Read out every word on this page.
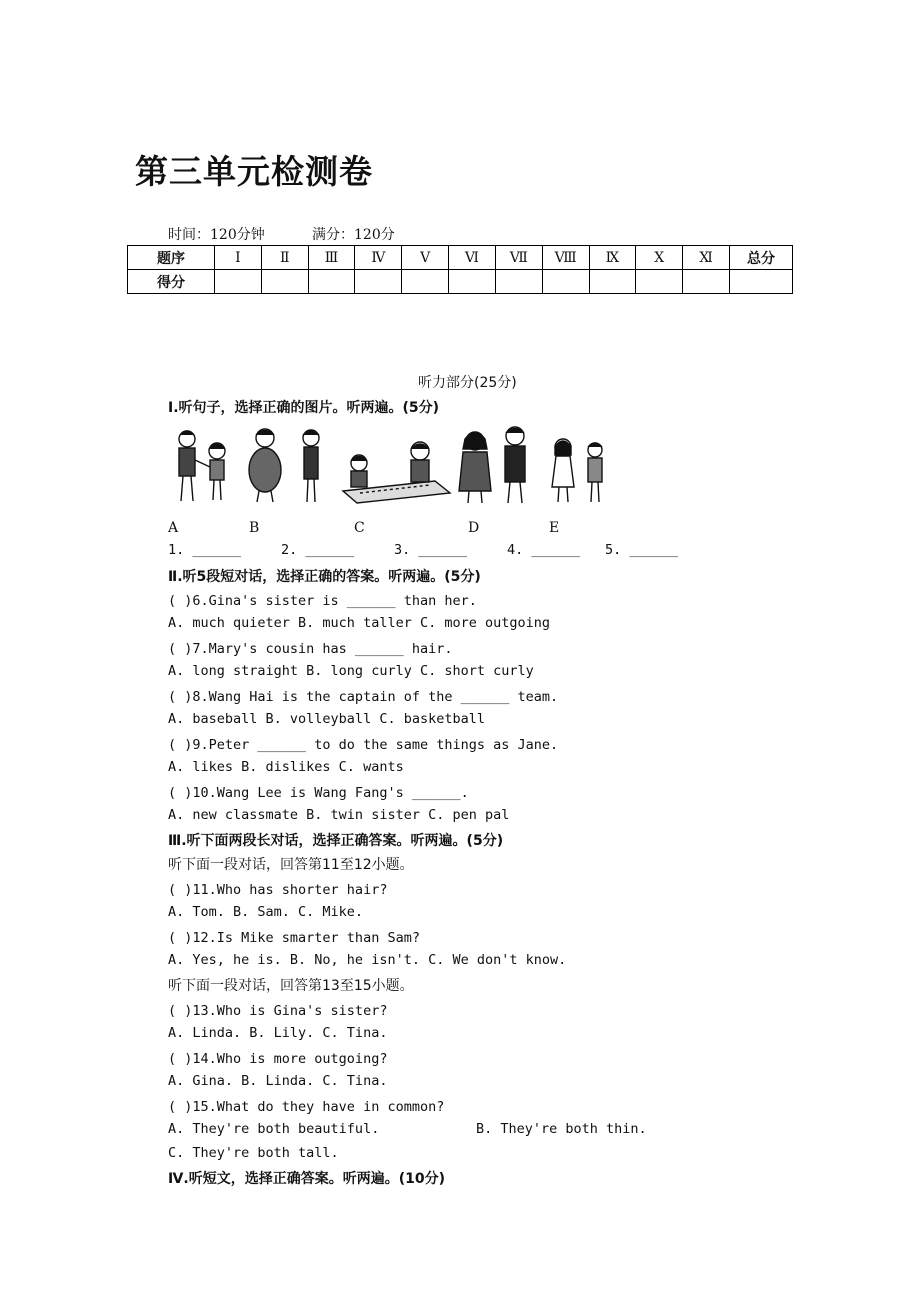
第三单元检测卷
时间：120分钟	满分：120分
题序	Ⅰ	Ⅱ	Ⅲ	Ⅳ	Ⅴ	Ⅵ	Ⅶ	Ⅷ	Ⅸ	Ⅹ	Ⅺ	总分
得分												
听力部分(25分)
Ⅰ.听句子，选择正确的图片。听两遍。(5分)
A	B	C	D	E
1. ______	2. ______	3. ______	4. ______ 5. ______
Ⅱ.听5段短对话，选择正确的答案。听两遍。(5分)
( )6.Gina's sister is ______ than her.
A. much quieter B. much taller C. more outgoing
( )7.Mary's cousin has ______ hair.
A. long straight B. long curly C. short curly
( )8.Wang Hai is the captain of the ______ team.
A. baseball B. volleyball C. basketball
( )9.Peter ______ to do the same things as Jane.
A. likes B. dislikes C. wants
( )10.Wang Lee is Wang Fang's ______.
A. new classmate B. twin sister C. pen pal
Ⅲ.听下面两段长对话，选择正确答案。听两遍。(5分)
听下面一段对话，回答第11至12小题。
( )11.Who has shorter hair?
A. Tom. B. Sam. C. Mike.
( )12.Is Mike smarter than Sam?
A. Yes, he is. B. No, he isn't. C. We don't know.
听下面一段对话，回答第13至15小题。
( )13.Who is Gina's sister?
A. Linda. B. Lily. C. Tina.
( )14.Who is more outgoing?
A. Gina. B. Linda. C. Tina.
( )15.What do they have in common?
A. They're both beautiful.	B. They're both thin.
C. They're both tall.
Ⅳ.听短文，选择正确答案。听两遍。(10分)
